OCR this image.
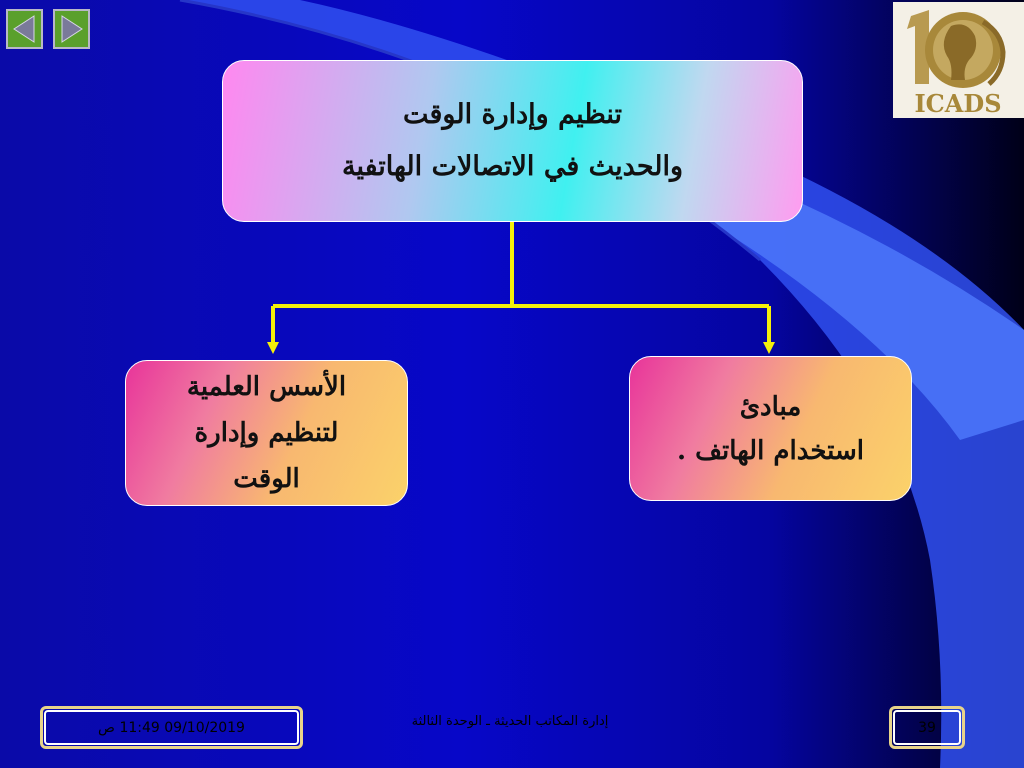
ICADS
تنظيم وإدارة الوقت
والحديث في الاتصالات الهاتفية
مبادئ
استخدام الهاتف .
الأسس العلمية
لتنظيم وإدارة
الوقت
09/10/2019 11:49 ص	إدارة المكاتب الحديثة ـ الوحدة الثالثة	39
